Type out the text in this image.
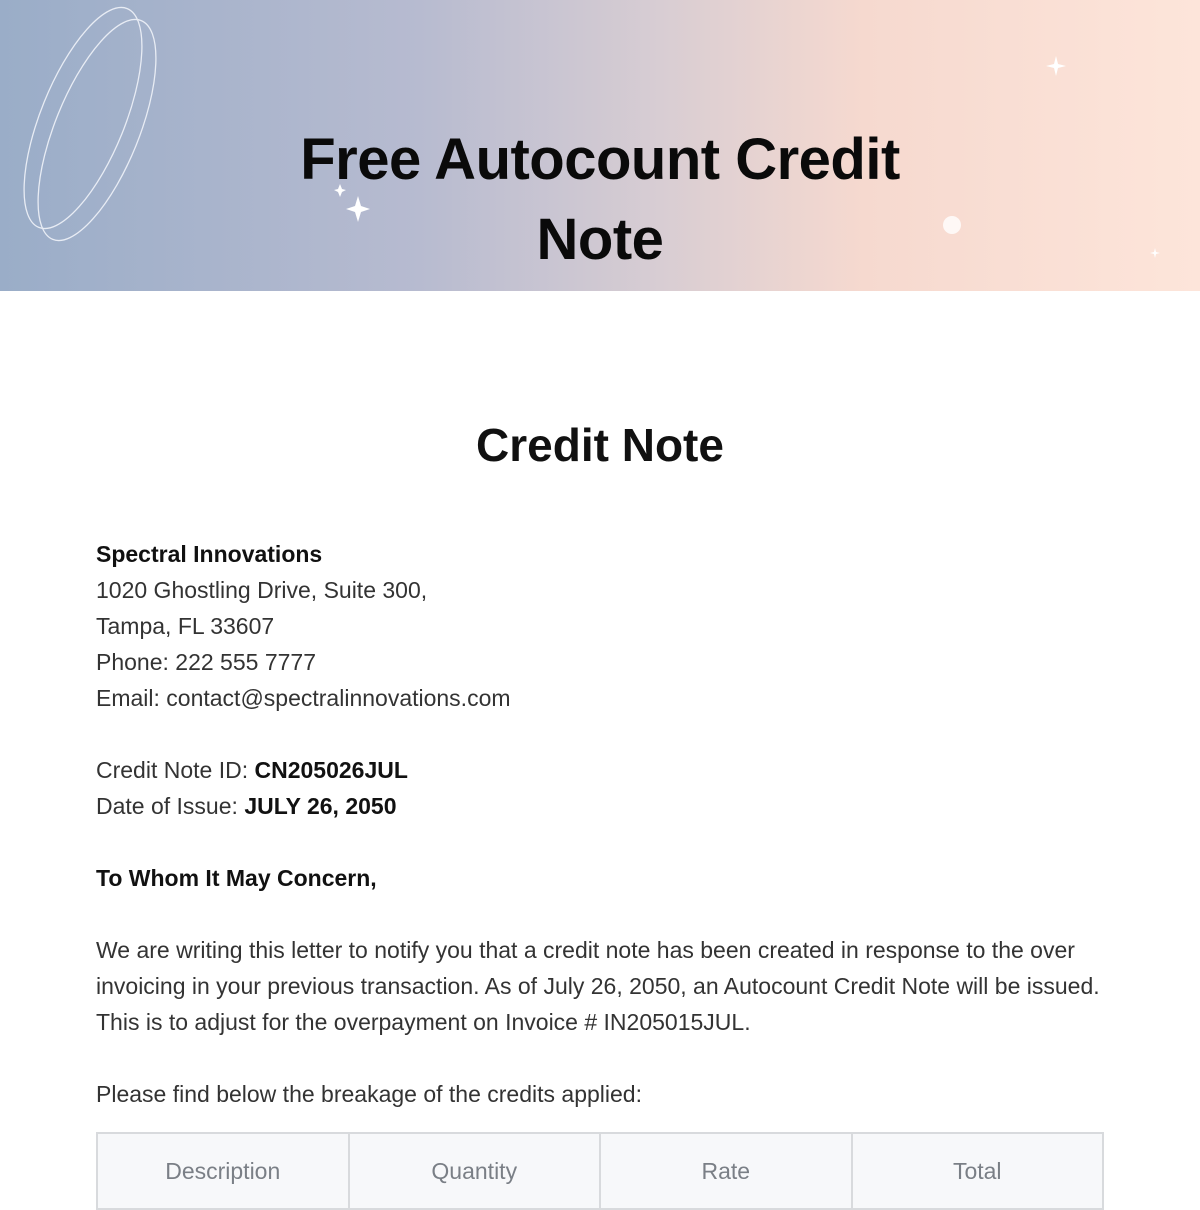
Free Autocount Credit Note
Credit Note
Spectral Innovations
1020 Ghostling Drive, Suite 300,
Tampa, FL 33607
Phone: 222 555 7777
Email: contact@spectralinnovations.com
Credit Note ID: CN205026JUL
Date of Issue: JULY 26, 2050
To Whom It May Concern,
We are writing this letter to notify you that a credit note has been created in response to the over invoicing in your previous transaction. As of July 26, 2050, an Autocount Credit Note will be issued. This is to adjust for the overpayment on Invoice # IN205015JUL.
Please find below the breakage of the credits applied:
Description	Quantity	Rate	Total
